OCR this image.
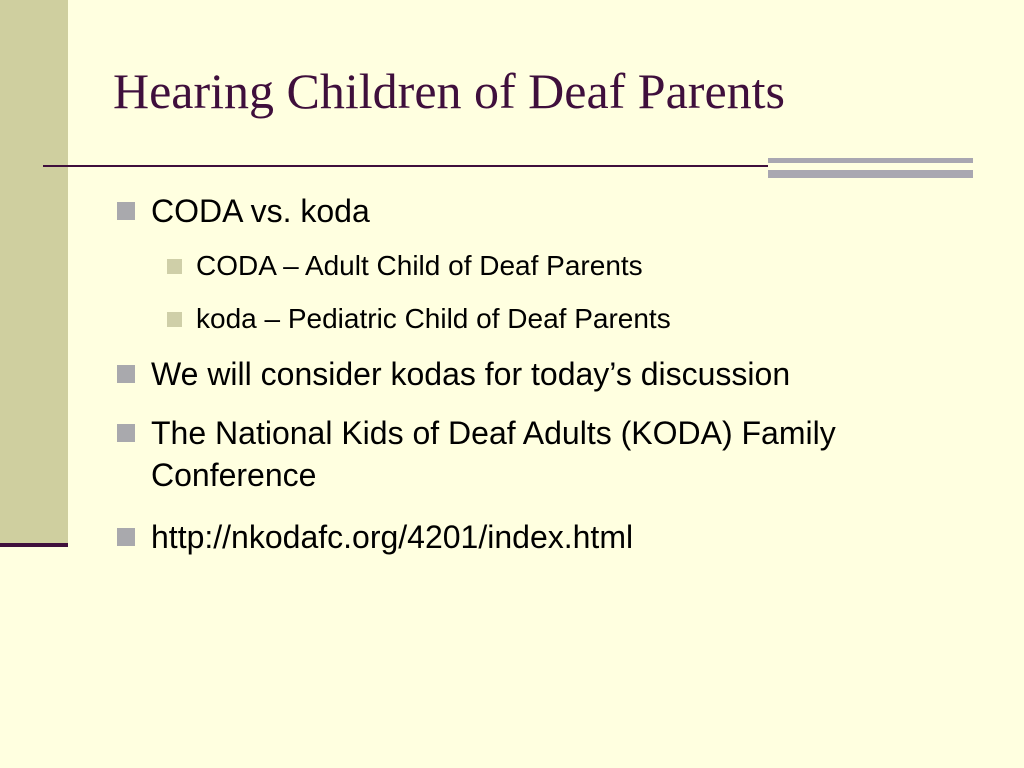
Hearing Children of Deaf Parents
CODA vs. koda
CODA – Adult Child of Deaf Parents
koda – Pediatric Child of Deaf Parents
We will consider kodas for today’s discussion
The National Kids of Deaf Adults (KODA) Family Conference
http://nkodafc.org/4201/index.html
